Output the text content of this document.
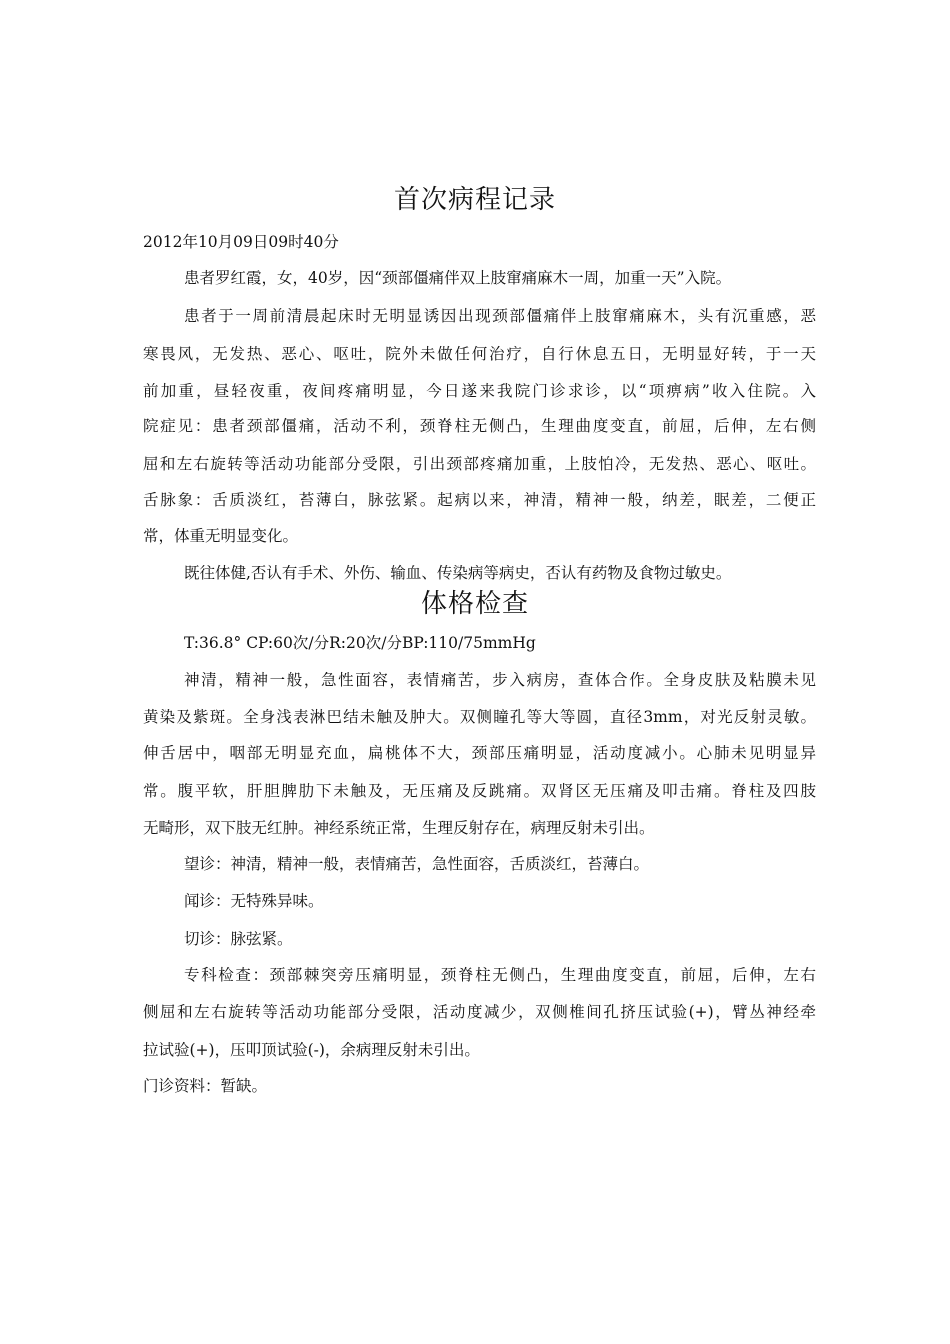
首次病程记录
2012年10月09日09时40分
患者罗红霞，女，40岁，因“颈部僵痛伴双上肢窜痛麻木一周，加重一天”入院。
患者于一周前清晨起床时无明显诱因出现颈部僵痛伴上肢窜痛麻木，头有沉重感，恶
寒畏风，无发热、恶心、呕吐，院外未做任何治疗，自行休息五日，无明显好转，于一天
前加重，昼轻夜重，夜间疼痛明显，今日遂来我院门诊求诊，以“项痹病”收入住院。入
院症见：患者颈部僵痛，活动不利，颈脊柱无侧凸，生理曲度变直，前屈，后伸，左右侧
屈和左右旋转等活动功能部分受限，引出颈部疼痛加重，上肢怕冷，无发热、恶心、呕吐。
舌脉象：舌质淡红，苔薄白，脉弦紧。起病以来，神清，精神一般，纳差，眠差，二便正
常，体重无明显变化。
既往体健,否认有手术、外伤、输血、传染病等病史，否认有药物及食物过敏史。
体格检查
T:36.8° CP:60次/分R:20次/分BP:110/75mmHg
神清，精神一般，急性面容，表情痛苦，步入病房，查体合作。全身皮肤及粘膜未见
黄染及紫斑。全身浅表淋巴结未触及肿大。双侧瞳孔等大等圆，直径3mm，对光反射灵敏。
伸舌居中，咽部无明显充血，扁桃体不大，颈部压痛明显，活动度减小。心肺未见明显异
常。腹平软，肝胆脾肋下未触及，无压痛及反跳痛。双肾区无压痛及叩击痛。脊柱及四肢
无畸形，双下肢无红肿。神经系统正常，生理反射存在，病理反射未引出。
望诊：神清，精神一般，表情痛苦，急性面容，舌质淡红，苔薄白。
闻诊：无特殊异味。
切诊：脉弦紧。
专科检查：颈部棘突旁压痛明显，颈脊柱无侧凸，生理曲度变直，前屈，后伸，左右
侧屈和左右旋转等活动功能部分受限，活动度减少，双侧椎间孔挤压试验(+)，臂丛神经牵
拉试验(+)，压叩顶试验(-)，余病理反射未引出。
门诊资料：暂缺。
